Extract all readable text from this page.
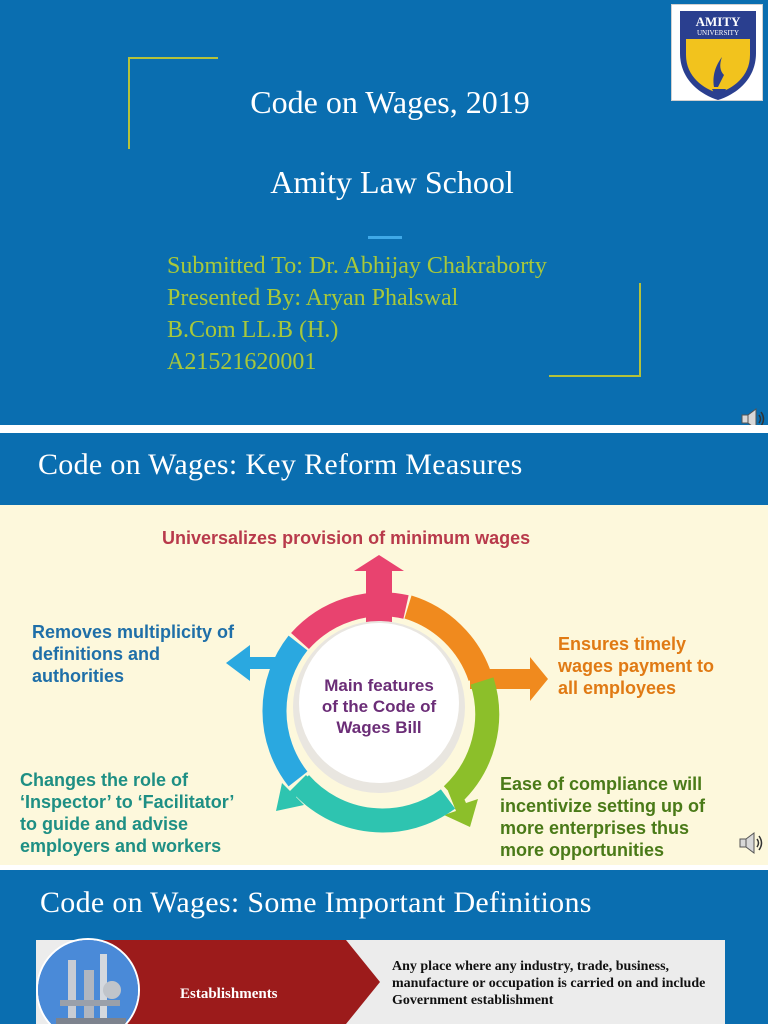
AMITY
UNIVERSITY
Code on Wages, 2019
Amity Law School
Submitted To: Dr. Abhijay Chakraborty
Presented By: Aryan Phalswal
B.Com LL.B (H.)
A21521620001
Code on Wages: Key Reform Measures
Main features
of the Code of
Wages Bill
Universalizes provision of minimum wages
Removes multiplicity of
definitions and
authorities
Ensures timely
wages payment to
all employees
Changes the role of
‘Inspector’ to ‘Facilitator’
to guide and advise
employers and workers
Ease of compliance will
incentivize setting up of
more enterprises thus
more opportunities
Code on Wages: Some Important Definitions
Establishments
Any place where any industry, trade, business, manufacture or occupation is carried on and include Government establishment
